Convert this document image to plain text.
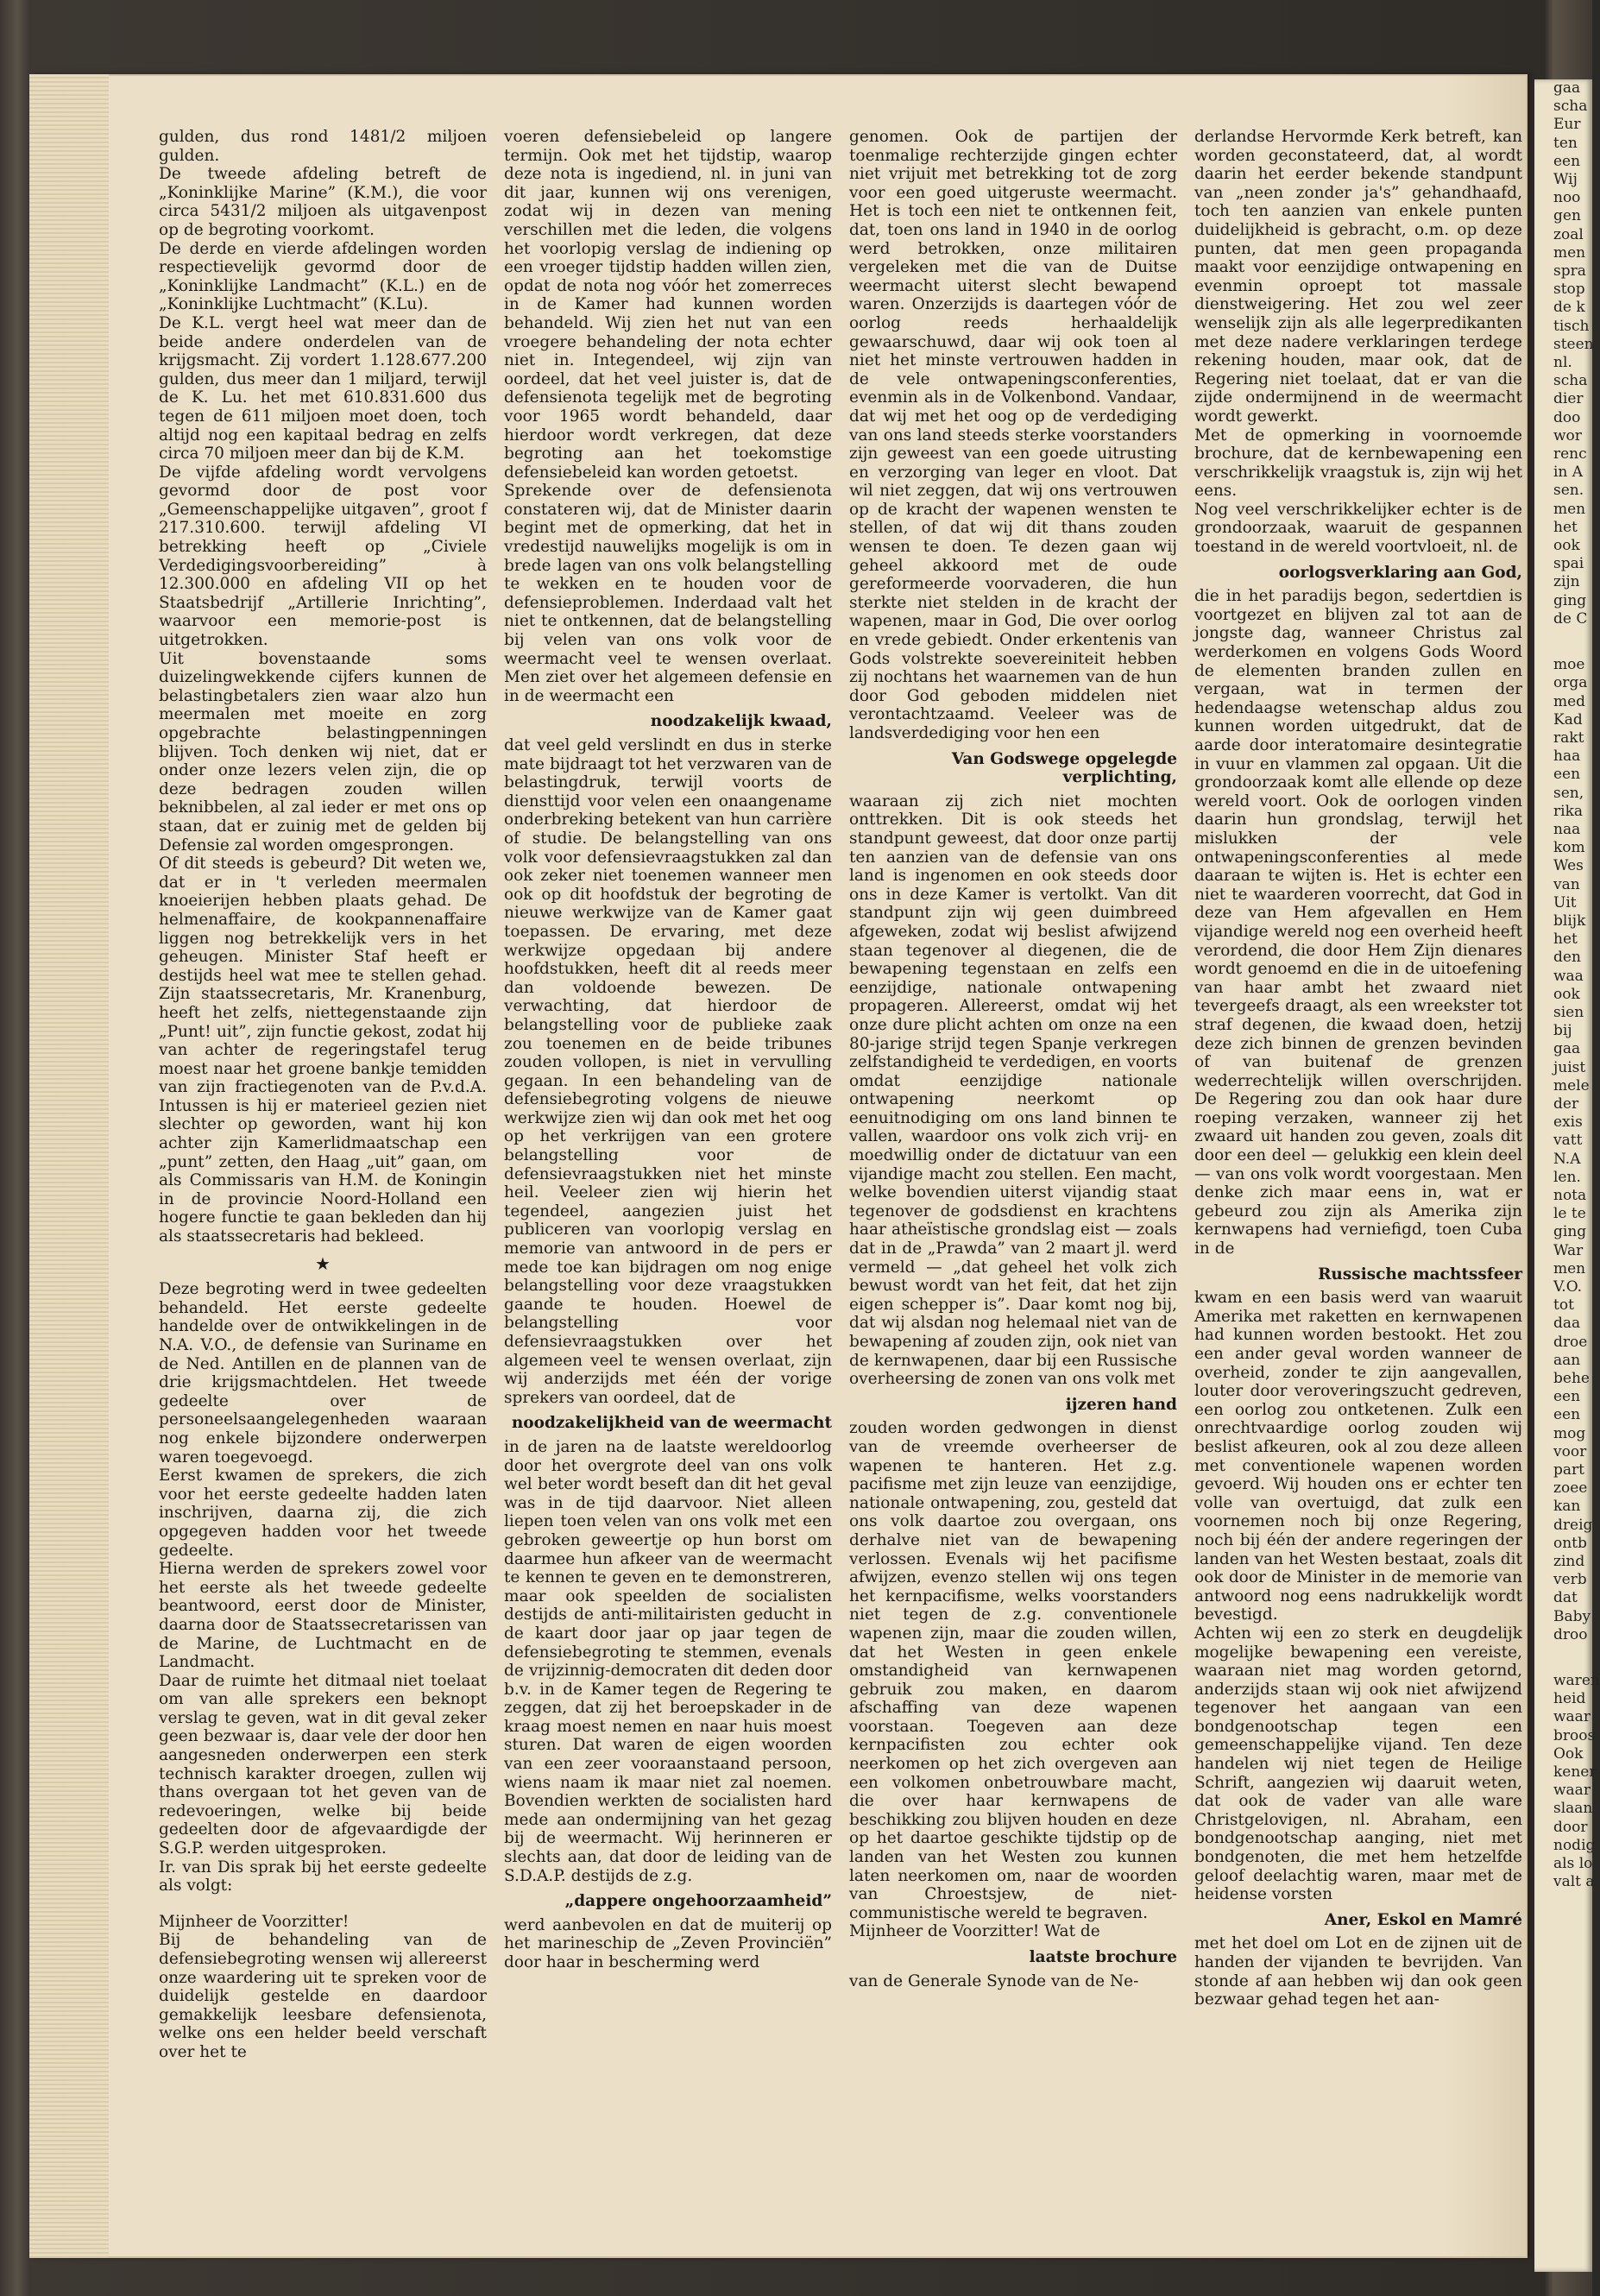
gulden, dus rond 1481/2 miljoen gulden.
De tweede afdeling betreft de „Koninklijke Marine” (K.M.), die voor circa 5431/2 miljoen als uitgavenpost op de begroting voorkomt.
De derde en vierde afdelingen worden respectievelijk gevormd door de „Koninklijke Landmacht” (K.L.) en de „Koninklijke Luchtmacht” (K.Lu).
De K.L. vergt heel wat meer dan de beide andere onderdelen van de krijgsmacht. Zij vordert 1.128.677.200 gulden, dus meer dan 1 miljard, terwijl de K. Lu. het met 610.831.600 dus tegen de 611 miljoen moet doen, toch altijd nog een kapitaal bedrag en zelfs circa 70 miljoen meer dan bij de K.M.
De vijfde afdeling wordt vervolgens gevormd door de post voor „Gemeenschappelijke uitgaven”, groot f 217.310.600. terwijl afdeling VI betrekking heeft op „Civiele Verdedigingsvoorbereiding” à 12.300.000 en afdeling VII op het Staatsbedrijf „Artillerie Inrichting”, waarvoor een memorie-post is uitgetrokken.
Uit bovenstaande soms duizelingwekkende cijfers kunnen de belastingbetalers zien waar alzo hun meermalen met moeite en zorg opgebrachte belastingpenningen blijven. Toch denken wij niet, dat er onder onze lezers velen zijn, die op deze bedragen zouden willen beknibbelen, al zal ieder er met ons op staan, dat er zuinig met de gelden bij Defensie zal worden omgesprongen.
Of dit steeds is gebeurd? Dit weten we, dat er in 't verleden meermalen knoeierijen hebben plaats gehad. De helmenaffaire, de kookpannenaffaire liggen nog betrekkelijk vers in het geheugen. Minister Staf heeft er destijds heel wat mee te stellen gehad. Zijn staatssecretaris, Mr. Kranenburg, heeft het zelfs, niettegenstaande zijn „Punt! uit”, zijn functie gekost, zodat hij van achter de regeringstafel terug moest naar het groene bankje temidden van zijn fractiegenoten van de P.v.d.A. Intussen is hij er materieel gezien niet slechter op geworden, want hij kon achter zijn Kamerlidmaatschap een „punt” zetten, den Haag „uit” gaan, om als Commissaris van H.M. de Koningin in de provincie Noord-Holland een hogere functie te gaan bekleden dan hij als staatssecretaris had bekleed.
★
Deze begroting werd in twee gedeelten behandeld. Het eerste gedeelte handelde over de ontwikkelingen in de N.A. V.O., de defensie van Suriname en de Ned. Antillen en de plannen van de drie krijgsmachtdelen. Het tweede gedeelte over de personeelsaangelegenheden waaraan nog enkele bijzondere onderwerpen waren toegevoegd.
Eerst kwamen de sprekers, die zich voor het eerste gedeelte hadden laten inschrijven, daarna zij, die zich opgegeven hadden voor het tweede gedeelte.
Hierna werden de sprekers zowel voor het eerste als het tweede gedeelte beantwoord, eerst door de Minister, daarna door de Staatssecretarissen van de Marine, de Luchtmacht en de Landmacht.
Daar de ruimte het ditmaal niet toelaat om van alle sprekers een beknopt verslag te geven, wat in dit geval zeker geen bezwaar is, daar vele der door hen aangesneden onderwerpen een sterk technisch karakter droegen, zullen wij thans overgaan tot het geven van de redevoeringen, welke bij beide gedeelten door de afgevaardigde der S.G.P. werden uitgesproken.
Ir. van Dis sprak bij het eerste gedeelte als volgt:
Mijnheer de Voorzitter!
Bij de behandeling van de defensiebegroting wensen wij allereerst onze waardering uit te spreken voor de duidelijk gestelde en daardoor gemakkelijk leesbare defensienota, welke ons een helder beeld verschaft over het te
voeren defensiebeleid op langere termijn. Ook met het tijdstip, waarop deze nota is ingediend, nl. in juni van dit jaar, kunnen wij ons verenigen, zodat wij in dezen van mening verschillen met die leden, die volgens het voorlopig verslag de indiening op een vroeger tijdstip hadden willen zien, opdat de nota nog vóór het zomerreces in de Kamer had kunnen worden behandeld. Wij zien het nut van een vroegere behandeling der nota echter niet in. Integendeel, wij zijn van oordeel, dat het veel juister is, dat de defensienota tegelijk met de begroting voor 1965 wordt behandeld, daar hierdoor wordt verkregen, dat deze begroting aan het toekomstige defensiebeleid kan worden getoetst.
Sprekende over de defensienota constateren wij, dat de Minister daarin begint met de opmerking, dat het in vredestijd nauwelijks mogelijk is om in brede lagen van ons volk belangstelling te wekken en te houden voor de defensieproblemen. Inderdaad valt het niet te ontkennen, dat de belangstelling bij velen van ons volk voor de weermacht veel te wensen overlaat. Men ziet over het algemeen defensie en in de weermacht een
noodzakelijk kwaad,
dat veel geld verslindt en dus in sterke mate bijdraagt tot het verzwaren van de belastingdruk, terwijl voorts de diensttijd voor velen een onaangename onderbreking betekent van hun carrière of studie. De belangstelling van ons volk voor defensievraagstukken zal dan ook zeker niet toenemen wanneer men ook op dit hoofdstuk der begroting de nieuwe werkwijze van de Kamer gaat toepassen. De ervaring, met deze werkwijze opgedaan bij andere hoofdstukken, heeft dit al reeds meer dan voldoende bewezen. De verwachting, dat hierdoor de belangstelling voor de publieke zaak zou toenemen en de beide tribunes zouden vollopen, is niet in vervulling gegaan. In een behandeling van de defensiebegroting volgens de nieuwe werkwijze zien wij dan ook met het oog op het verkrijgen van een grotere belangstelling voor de defensievraagstukken niet het minste heil. Veeleer zien wij hierin het tegendeel, aangezien juist het publiceren van voorlopig verslag en memorie van antwoord in de pers er mede toe kan bijdragen om nog enige belangstelling voor deze vraagstukken gaande te houden. Hoewel de belangstelling voor defensievraagstukken over het algemeen veel te wensen overlaat, zijn wij anderzijds met één der vorige sprekers van oordeel, dat de
noodzakelijkheid van de weermacht
in de jaren na de laatste wereldoorlog door het overgrote deel van ons volk wel beter wordt beseft dan dit het geval was in de tijd daarvoor. Niet alleen liepen toen velen van ons volk met een gebroken geweertje op hun borst om daarmee hun afkeer van de weermacht te kennen te geven en te demonstreren, maar ook speelden de socialisten destijds de anti-militairisten geducht in de kaart door jaar op jaar tegen de defensiebegroting te stemmen, evenals de vrijzinnig-democraten dit deden door b.v. in de Kamer tegen de Regering te zeggen, dat zij het beroepskader in de kraag moest nemen en naar huis moest sturen. Dat waren de eigen woorden van een zeer vooraanstaand persoon, wiens naam ik maar niet zal noemen. Bovendien werkten de socialisten hard mede aan ondermijning van het gezag bij de weermacht. Wij herinneren er slechts aan, dat door de leiding van de S.D.A.P. destijds de z.g.
„dappere ongehoorzaamheid”
werd aanbevolen en dat de muiterij op het marineschip de „Zeven Provinciën” door haar in bescherming werd
genomen. Ook de partijen der toenmalige rechterzijde gingen echter niet vrijuit met betrekking tot de zorg voor een goed uitgeruste weermacht. Het is toch een niet te ontkennen feit, dat, toen ons land in 1940 in de oorlog werd betrokken, onze militairen vergeleken met die van de Duitse weermacht uiterst slecht bewapend waren. Onzerzijds is daartegen vóór de oorlog reeds herhaaldelijk gewaarschuwd, daar wij ook toen al niet het minste vertrouwen hadden in de vele ontwapeningsconferenties, evenmin als in de Volkenbond. Vandaar, dat wij met het oog op de verdediging van ons land steeds sterke voorstanders zijn geweest van een goede uitrusting en verzorging van leger en vloot. Dat wil niet zeggen, dat wij ons vertrouwen op de kracht der wapenen wensten te stellen, of dat wij dit thans zouden wensen te doen. Te dezen gaan wij geheel akkoord met de oude gereformeerde voorvaderen, die hun sterkte niet stelden in de kracht der wapenen, maar in God, Die over oorlog en vrede gebiedt. Onder erkentenis van Gods volstrekte soevereiniteit hebben zij nochtans het waarnemen van de hun door God geboden middelen niet verontachtzaamd. Veeleer was de landsverdediging voor hen een
Van Godswege opgelegde verplichting,
waaraan zij zich niet mochten onttrekken. Dit is ook steeds het standpunt geweest, dat door onze partij ten aanzien van de defensie van ons land is ingenomen en ook steeds door ons in deze Kamer is vertolkt. Van dit standpunt zijn wij geen duimbreed afgeweken, zodat wij beslist afwijzend staan tegenover al diegenen, die de bewapening tegenstaan en zelfs een eenzijdige, nationale ontwapening propageren. Allereerst, omdat wij het onze dure plicht achten om onze na een 80-jarige strijd tegen Spanje verkregen zelfstandigheid te verdedigen, en voorts omdat eenzijdige nationale ontwapening neerkomt op eenuitnodiging om ons land binnen te vallen, waardoor ons volk zich vrij- en moedwillig onder de dictatuur van een vijandige macht zou stellen. Een macht, welke bovendien uiterst vijandig staat tegenover de godsdienst en krachtens haar atheïstische grondslag eist — zoals dat in de „Prawda” van 2 maart jl. werd vermeld — „dat geheel het volk zich bewust wordt van het feit, dat het zijn eigen schepper is”. Daar komt nog bij, dat wij alsdan nog helemaal niet van de bewapening af zouden zijn, ook niet van de kernwapenen, daar bij een Russische overheersing de zonen van ons volk met
ijzeren hand
zouden worden gedwongen in dienst van de vreemde overheerser de wapenen te hanteren. Het z.g. pacifisme met zijn leuze van eenzijdige, nationale ontwapening, zou, gesteld dat ons volk daartoe zou overgaan, ons derhalve niet van de bewapening verlossen. Evenals wij het pacifisme afwijzen, evenzo stellen wij ons tegen het kernpacifisme, welks voorstanders niet tegen de z.g. conventionele wapenen zijn, maar die zouden willen, dat het Westen in geen enkele omstandigheid van kernwapenen gebruik zou maken, en daarom afschaffing van deze wapenen voorstaan. Toegeven aan deze kernpacifisten zou echter ook neerkomen op het zich overgeven aan een volkomen onbetrouwbare macht, die over haar kernwapens de beschikking zou blijven houden en deze op het daartoe geschikte tijdstip op de landen van het Westen zou kunnen laten neerkomen om, naar de woorden van Chroestsjew, de niet-communistische wereld te begraven.
Mijnheer de Voorzitter! Wat de
laatste brochure
van de Generale Synode van de Ne-
derlandse Hervormde Kerk betreft, kan worden geconstateerd, dat, al wordt daarin het eerder bekende standpunt van „neen zonder ja's” gehandhaafd, toch ten aanzien van enkele punten duidelijkheid is gebracht, o.m. op deze punten, dat men geen propaganda maakt voor eenzijdige ontwapening en evenmin oproept tot massale dienstweigering. Het zou wel zeer wenselijk zijn als alle legerpredikanten met deze nadere verklaringen terdege rekening houden, maar ook, dat de Regering niet toelaat, dat er van die zijde ondermijnend in de weermacht wordt gewerkt.
Met de opmerking in voornoemde brochure, dat de kernbewapening een verschrikkelijk vraagstuk is, zijn wij het eens.
Nog veel verschrikkelijker echter is de grondoorzaak, waaruit de gespannen toestand in de wereld voortvloeit, nl. de
oorlogsverklaring aan God,
die in het paradijs begon, sedertdien is voortgezet en blijven zal tot aan de jongste dag, wanneer Christus zal werderkomen en volgens Gods Woord de elementen branden zullen en vergaan, wat in termen der hedendaagse wetenschap aldus zou kunnen worden uitgedrukt, dat de aarde door interatomaire desintegratie in vuur en vlammen zal opgaan. Uit die grondoorzaak komt alle ellende op deze wereld voort. Ook de oorlogen vinden daarin hun grondslag, terwijl het mislukken der vele ontwapeningsconferenties al mede daaraan te wijten is. Het is echter een niet te waarderen voorrecht, dat God in deze van Hem afgevallen en Hem vijandige wereld nog een overheid heeft verordend, die door Hem Zijn dienares wordt genoemd en die in de uitoefening van haar ambt het zwaard niet tevergeefs draagt, als een wreekster tot straf degenen, die kwaad doen, hetzij deze zich binnen de grenzen bevinden of van buitenaf de grenzen wederrechtelijk willen overschrijden. De Regering zou dan ook haar dure roeping verzaken, wanneer zij het zwaard uit handen zou geven, zoals dit door een deel — gelukkig een klein deel — van ons volk wordt voorgestaan. Men denke zich maar eens in, wat er gebeurd zou zijn als Amerika zijn kernwapens had verniefigd, toen Cuba in de
Russische machtssfeer
kwam en een basis werd van waaruit Amerika met raketten en kernwapenen had kunnen worden bestookt. Het zou een ander geval worden wanneer de overheid, zonder te zijn aangevallen, louter door veroveringszucht gedreven, een oorlog zou ontketenen. Zulk een onrechtvaardige oorlog zouden wij beslist afkeuren, ook al zou deze alleen met conventionele wapenen worden gevoerd. Wij houden ons er echter ten volle van overtuigd, dat zulk een voornemen noch bij onze Regering, noch bij één der andere regeringen der landen van het Westen bestaat, zoals dit ook door de Minister in de memorie van antwoord nog eens nadrukkelijk wordt bevestigd.
Achten wij een zo sterk en deugdelijk mogelijke bewapening een vereiste, waaraan niet mag worden getornd, anderzijds staan wij ook niet afwijzend tegenover het aangaan van een bondgenootschap tegen een gemeenschappelijke vijand. Ten deze handelen wij niet tegen de Heilige Schrift, aangezien wij daaruit weten, dat ook de vader van alle ware Christgelovigen, nl. Abraham, een bondgenootschap aanging, niet met bondgenoten, die met hem hetzelfde geloof deelachtig waren, maar met de heidense vorsten
Aner, Eskol en Mamré
met het doel om Lot en de zijnen uit de handen der vijanden te bevrijden. Van stonde af aan hebben wij dan ook geen bezwaar gehad tegen het aan-
gaa
scha
Eur
ten
een
Wij
noo
gen
zoal
men
spra
stop
de k
tisch
steen
nl.
scha
dier
doo
wor
renc
in A
sen.
men
het
ook
spai
zijn
ging
de C
moe
orga
med
Kad
rakt
haa
een
sen,
rika
naa
kom
Wes
van
Uit
blijk
het
den
waa
ook
sien
bij
gaa
juist
mele
der
exis
vatt
N.A
len.
nota
le te
ging
War
men
V.O.
tot
daa
droe
aan
behe
een
een
mog
voor
part
zoee
kan
dreig
ontb
zind
verb
dat
Baby
droo
waren
heid
waar
broos
Ook
kener
waar
slaan
door
nodig
als lo
valt a
